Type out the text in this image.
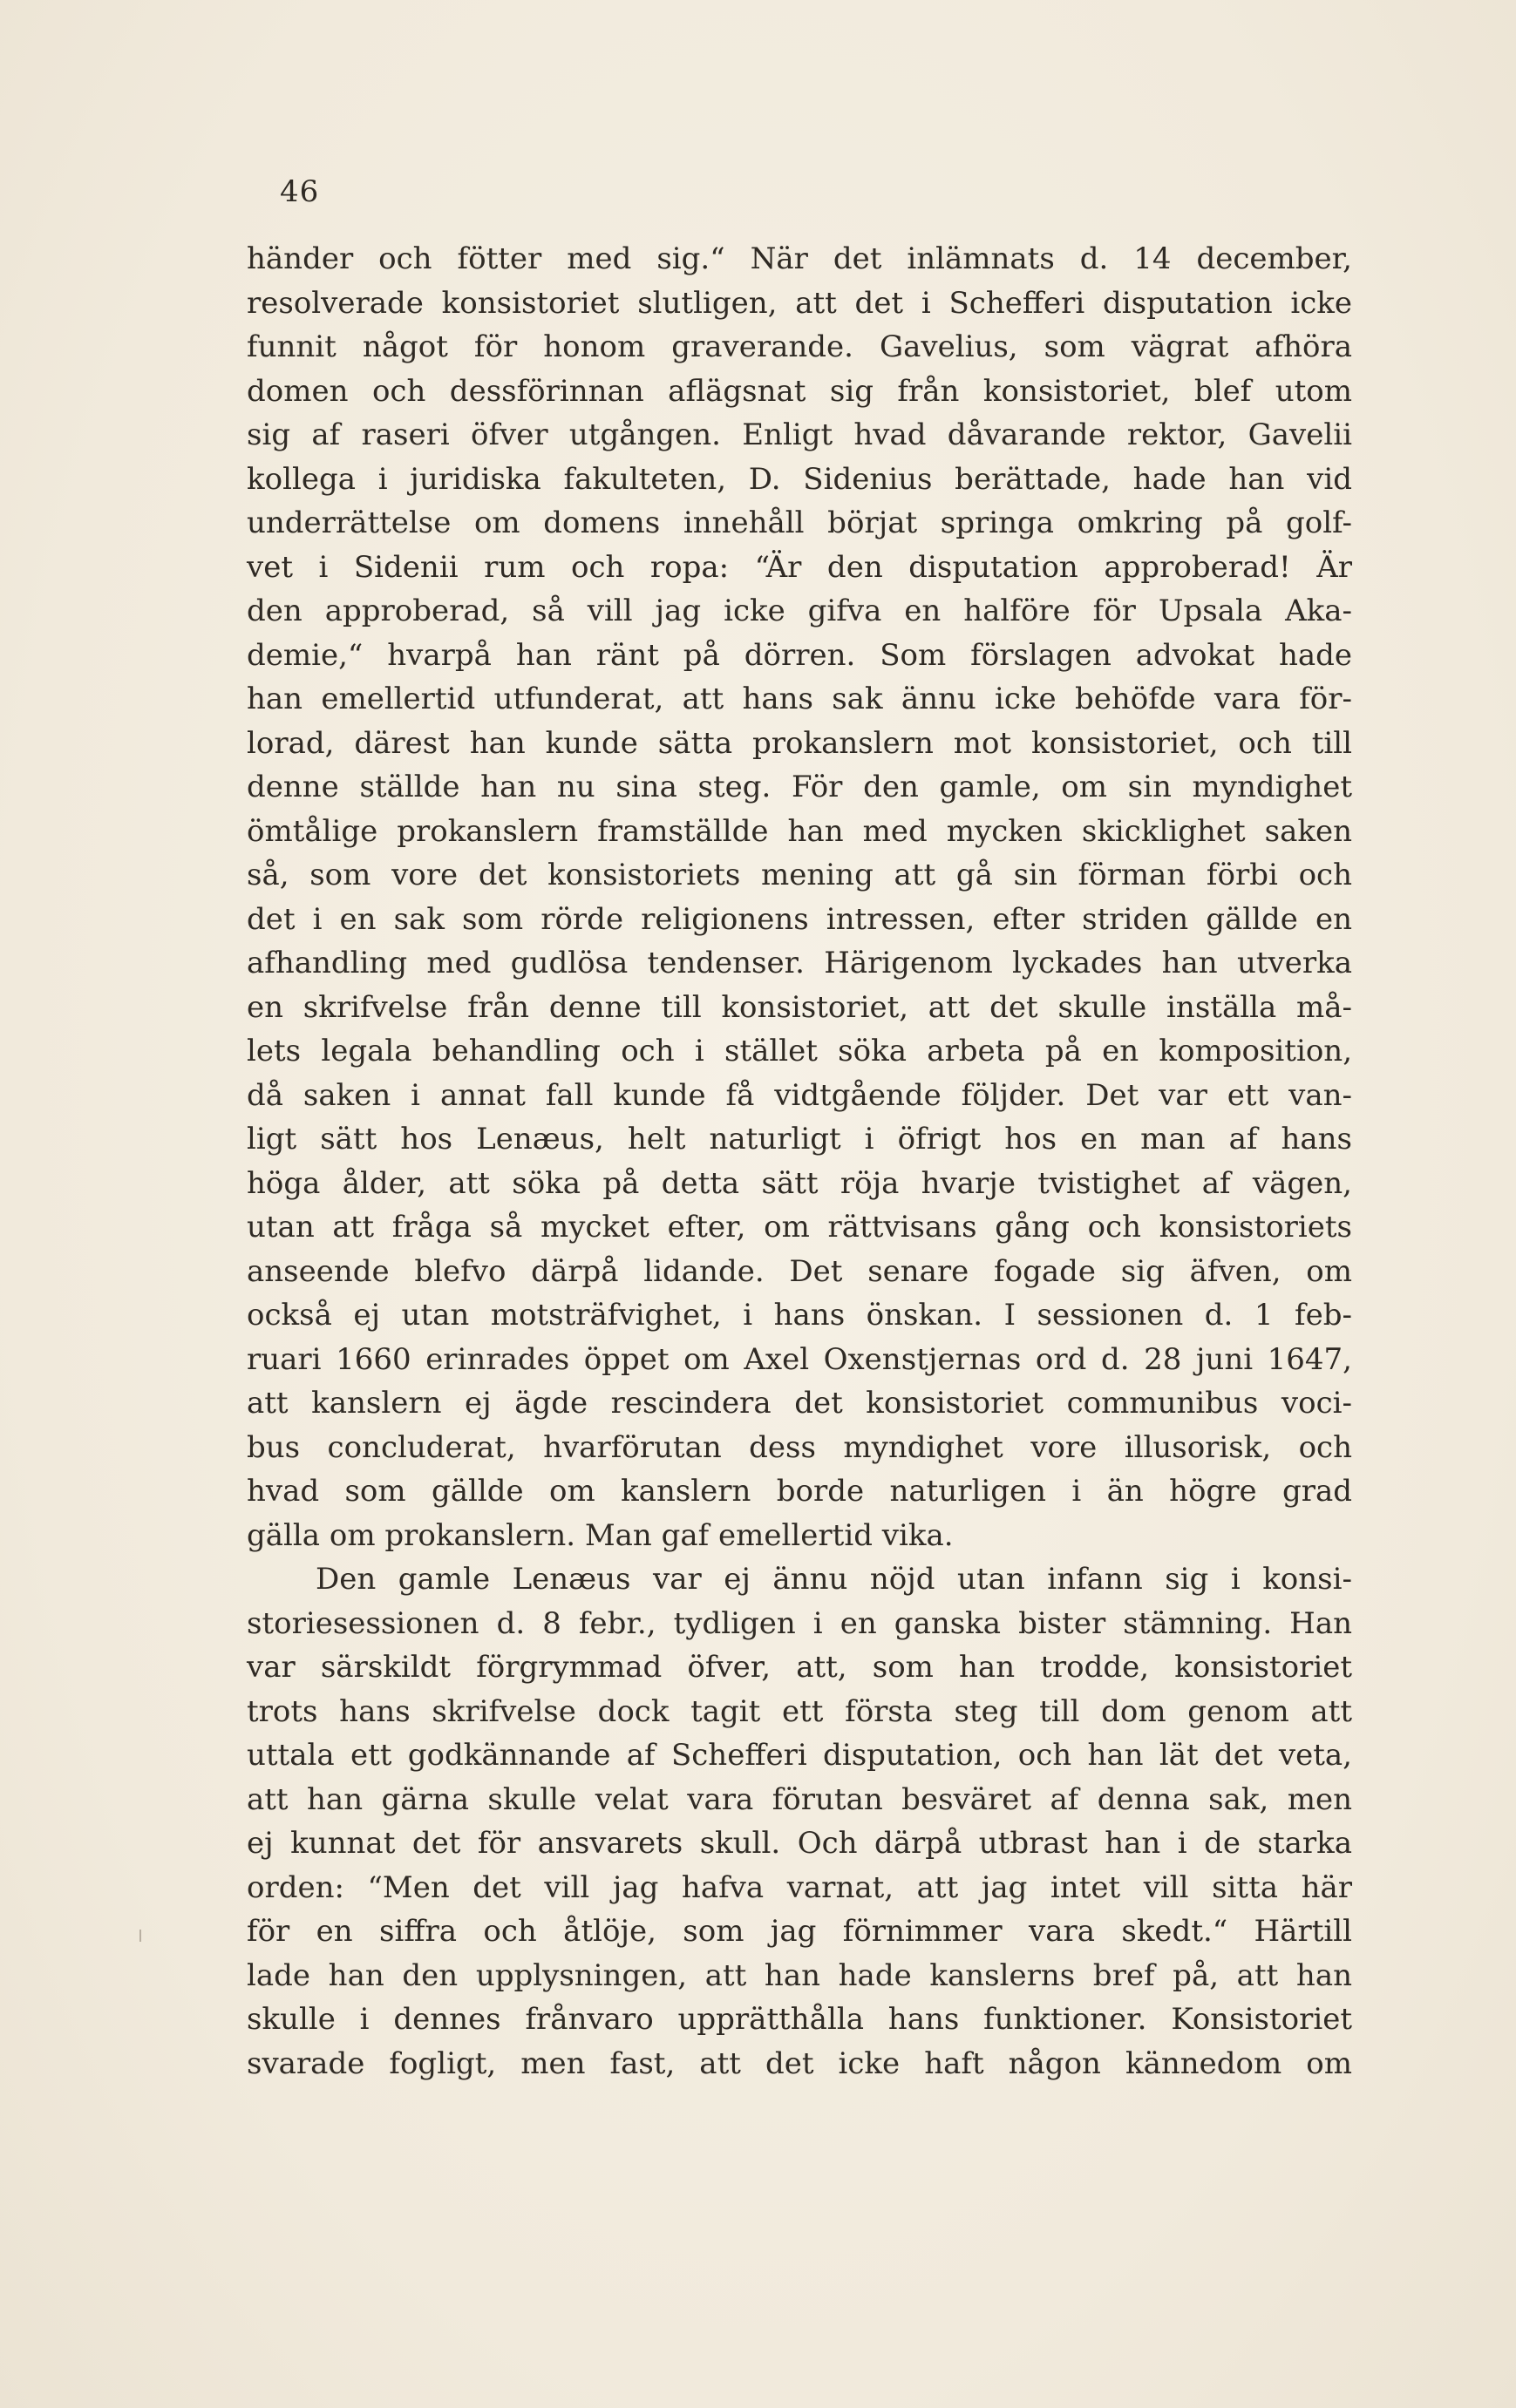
46
händer och fötter med sig.“ När det inlämnats d. 14 december,
resolverade konsistoriet slutligen, att det i Schefferi disputation icke
funnit något för honom graverande. Gavelius, som vägrat afhöra
domen och dessförinnan aflägsnat sig från konsistoriet, blef utom
sig af raseri öfver utgången. Enligt hvad dåvarande rektor, Gavelii
kollega i juridiska fakulteten, D. Sidenius berättade, hade han vid
underrättelse om domens innehåll börjat springa omkring på golf-
vet i Sidenii rum och ropa: “Är den disputation approberad! Är
den approberad, så vill jag icke gifva en halföre för Upsala Aka-
demie,“ hvarpå han ränt på dörren. Som förslagen advokat hade
han emellertid utfunderat, att hans sak ännu icke behöfde vara för-
lorad, därest han kunde sätta prokanslern mot konsistoriet, och till
denne ställde han nu sina steg. För den gamle, om sin myndighet
ömtålige prokanslern framställde han med mycken skicklighet saken
så, som vore det konsistoriets mening att gå sin förman förbi och
det i en sak som rörde religionens intressen, efter striden gällde en
afhandling med gudlösa tendenser. Härigenom lyckades han utverka
en skrifvelse från denne till konsistoriet, att det skulle inställa må-
lets legala behandling och i stället söka arbeta på en komposition,
då saken i annat fall kunde få vidtgående följder. Det var ett van-
ligt sätt hos Lenæus, helt naturligt i öfrigt hos en man af hans
höga ålder, att söka på detta sätt röja hvarje tvistighet af vägen,
utan att fråga så mycket efter, om rättvisans gång och konsistoriets
anseende blefvo därpå lidande. Det senare fogade sig äfven, om
också ej utan motsträfvighet, i hans önskan. I sessionen d. 1 feb-
ruari 1660 erinrades öppet om Axel Oxenstjernas ord d. 28 juni 1647,
att kanslern ej ägde rescindera det konsistoriet communibus voci-
bus concluderat, hvarförutan dess myndighet vore illusorisk, och
hvad som gällde om kanslern borde naturligen i än högre grad
gälla om prokanslern. Man gaf emellertid vika.
Den gamle Lenæus var ej ännu nöjd utan infann sig i konsi-
storiesessionen d. 8 febr., tydligen i en ganska bister stämning. Han
var särskildt förgrymmad öfver, att, som han trodde, konsistoriet
trots hans skrifvelse dock tagit ett första steg till dom genom att
uttala ett godkännande af Schefferi disputation, och han lät det veta,
att han gärna skulle velat vara förutan besväret af denna sak, men
ej kunnat det för ansvarets skull. Och därpå utbrast han i de starka
orden: “Men det vill jag hafva varnat, att jag intet vill sitta här
för en siffra och åtlöje, som jag förnimmer vara skedt.“ Härtill
lade han den upplysningen, att han hade kanslerns bref på, att han
skulle i dennes frånvaro upprätthålla hans funktioner. Konsistoriet
svarade fogligt, men fast, att det icke haft någon kännedom om
